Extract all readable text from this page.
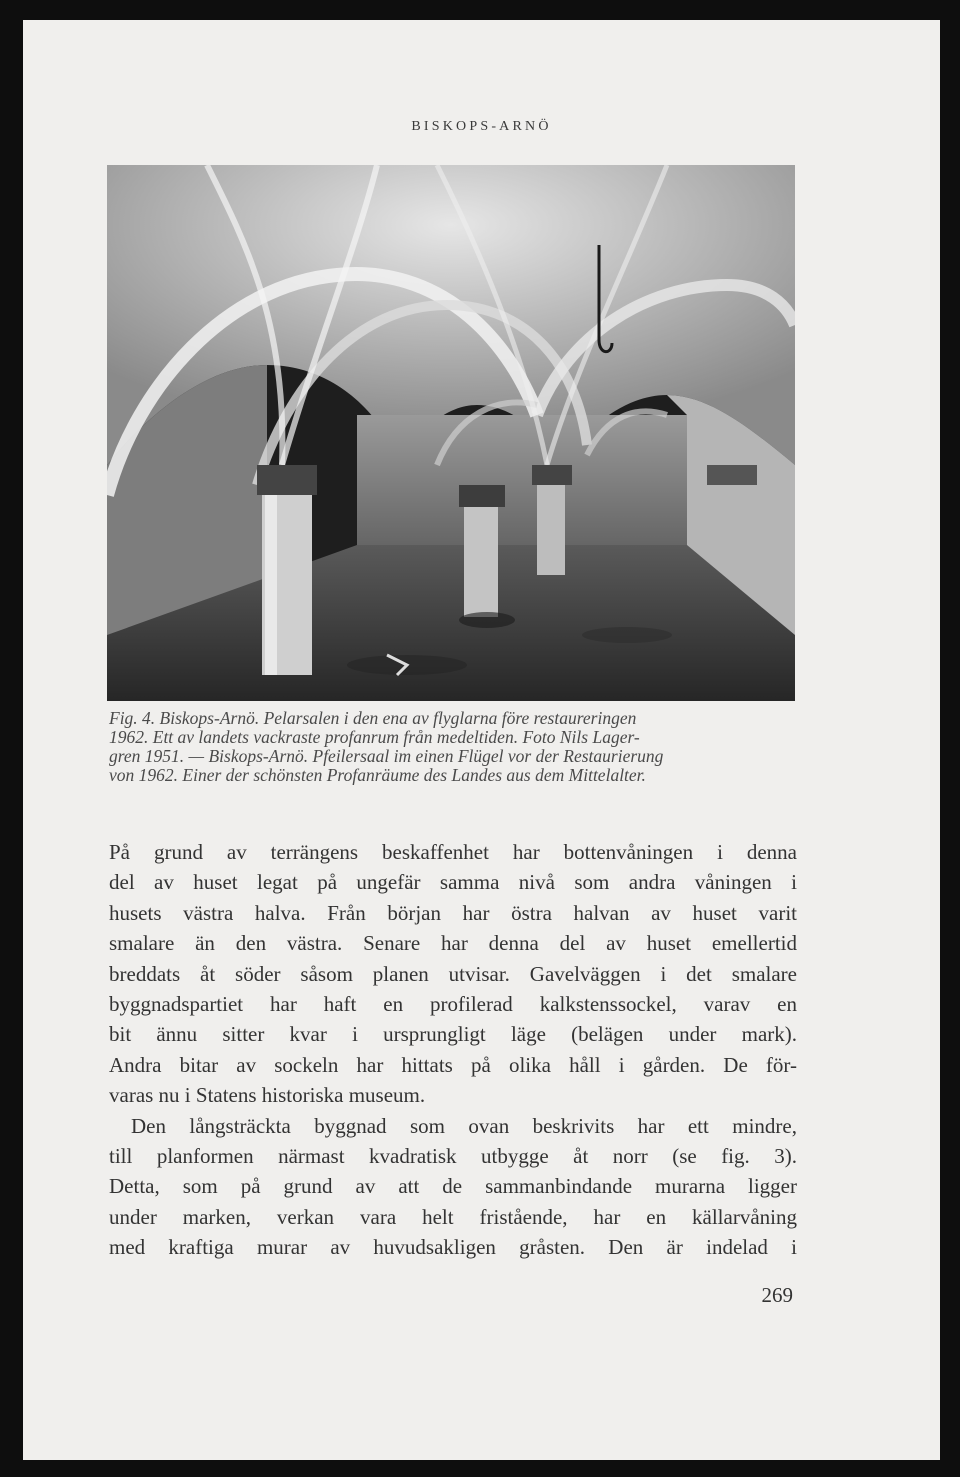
BISKOPS-ARNÖ
Fig. 4. Biskops-Arnö. Pelarsalen i den ena av flyglarna före restaureringen
1962. Ett av landets vackraste profanrum från medeltiden. Foto Nils Lager-
gren 1951. — Biskops-Arnö. Pfeilersaal im einen Flügel vor der Restaurierung
von 1962. Einer der schönsten Profanräume des Landes aus dem Mittelalter.
På grund av terrängens beskaffenhet har bottenvåningen i denna
del av huset legat på ungefär samma nivå som andra våningen i
husets västra halva. Från början har östra halvan av huset varit
smalare än den västra. Senare har denna del av huset emellertid
breddats åt söder såsom planen utvisar. Gavelväggen i det smalare
byggnadspartiet har haft en profilerad kalkstenssockel, varav en
bit ännu sitter kvar i ursprungligt läge (belägen under mark).
Andra bitar av sockeln har hittats på olika håll i gården. De för-
varas nu i Statens historiska museum.
Den långsträckta byggnad som ovan beskrivits har ett mindre,
till planformen närmast kvadratisk utbygge åt norr (se fig. 3).
Detta, som på grund av att de sammanbindande murarna ligger
under marken, verkan vara helt fristående, har en källarvåning
med kraftiga murar av huvudsakligen gråsten. Den är indelad i
269
